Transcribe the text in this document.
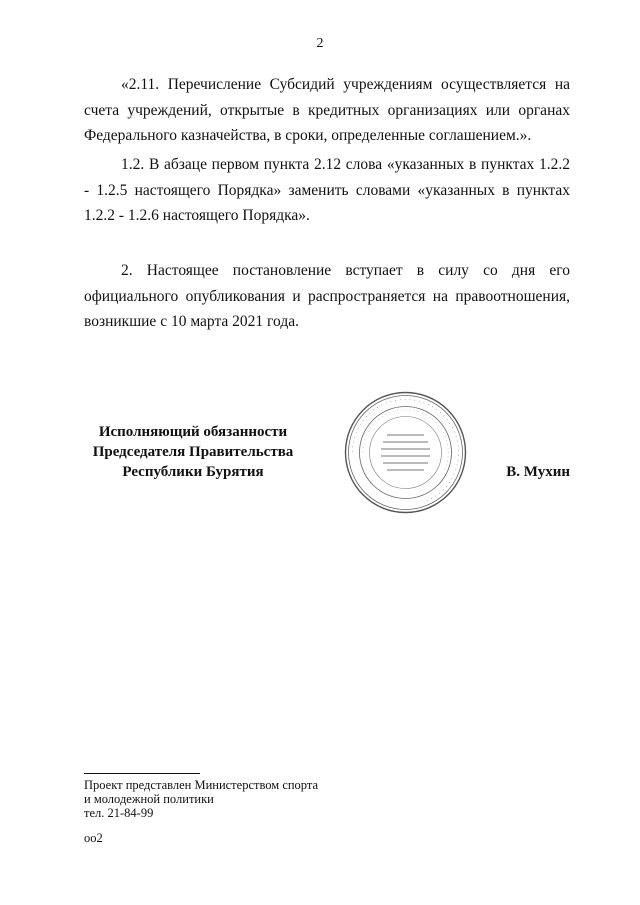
2
«2.11. Перечисление Субсидий учреждениям осуществляется на счета учреждений, открытые в кредитных организациях или органах Федерального казначейства, в сроки, определенные соглашением.».
1.2. В абзаце первом пункта 2.12 слова «указанных в пунктах 1.2.2 - 1.2.5 настоящего Порядка» заменить словами «указанных в пунктах 1.2.2 - 1.2.6 настоящего Порядка».
2. Настоящее постановление вступает в силу со дня его официального опубликования и распространяется на правоотношения, возникшие с 10 марта 2021 года.
Исполняющий обязанности
Председателя Правительства
Республики Бурятия
· · · · · · · · · · · · · · · · · · · · · · · · · · · · · · · · · · · · · · · · · · · · · · · ·
· · · · · · · · · · · · · · · · · · · · · · · · · · · · · · · · · · · · ·	В. Мухин
Проект представлен Министерством спорта
и молодежной политики
тел. 21-84-99
оо2
